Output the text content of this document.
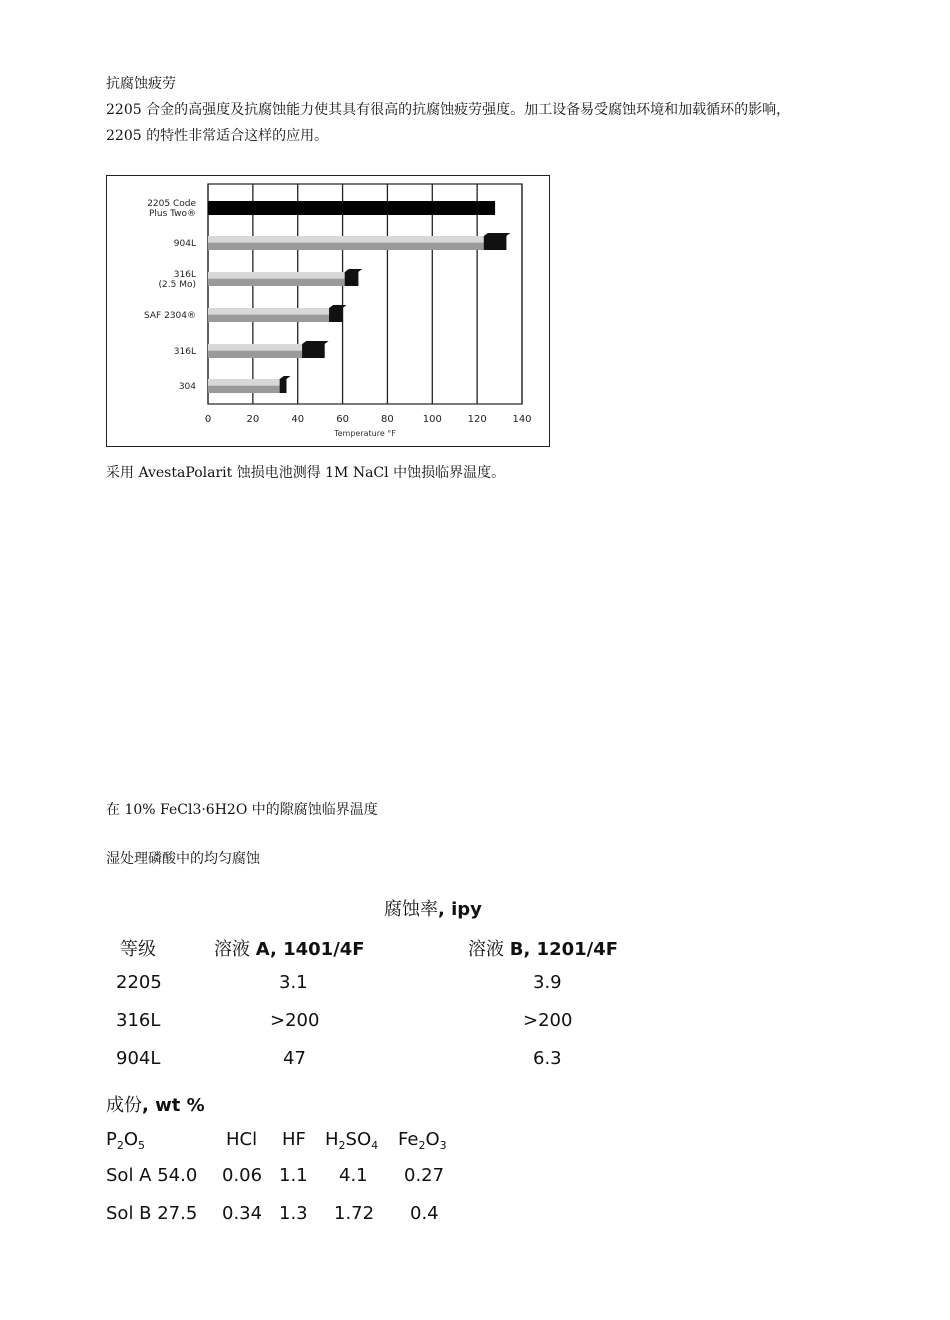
抗腐蚀疲劳
2205 合金的高强度及抗腐蚀能力使其具有很高的抗腐蚀疲劳强度。加工设备易受腐蚀环境和加载循环的影响，
2205 的特性非常适合这样的应用。
0	20	40	60	80	100	120	140
Temperature °F
2205 Code
Plus Two®
904L
316L
(2.5 Mo)
SAF 2304®
316L
304
采用 AvestaPolarit 蚀损电池测得 1M NaCl 中蚀损临界温度。
在 10% FeCl3·6H2O 中的隙腐蚀临界温度
湿处理磷酸中的均匀腐蚀
腐蚀率, ipy
等级	溶液 A, 1401/4F	溶液 B, 1201/4F
2205	3.1	3.9
316L	>200	>200
904L	47	6.3
成份, wt %
$P_2O_5$	HCl HF $H_2SO_4$ $Fe_2O_3$
Sol A 54.0 0.06 1.1 4.1 0.27
Sol B 27.5 0.34 1.3 1.72 0.4
